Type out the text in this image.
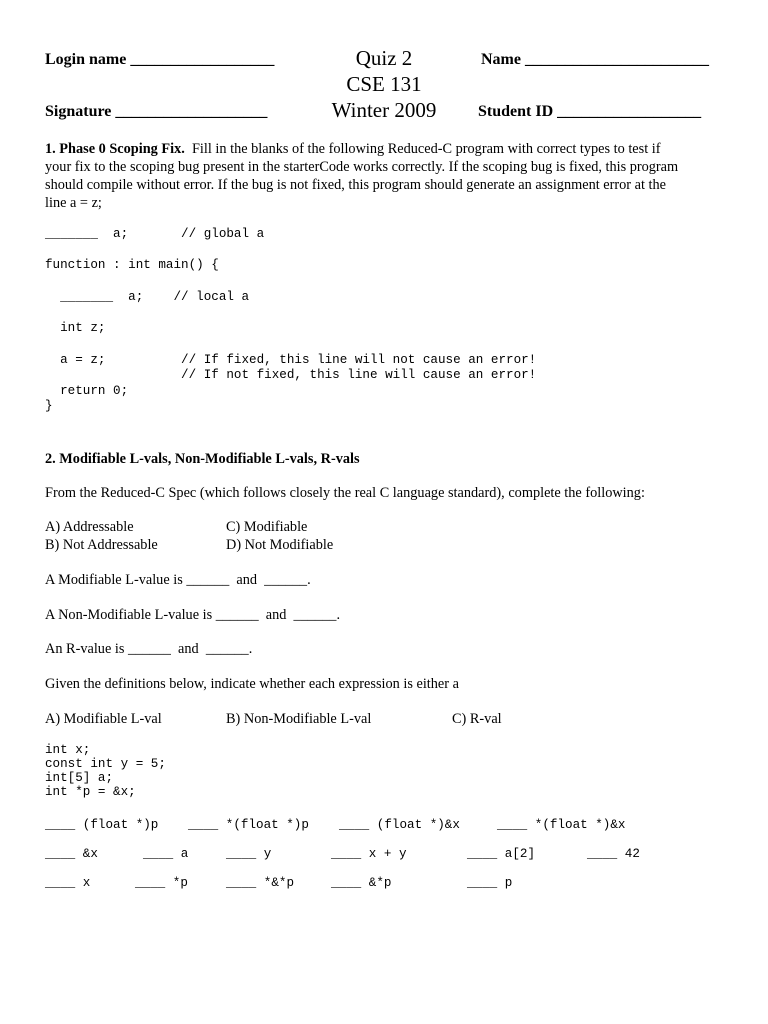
Login name __________________
Signature ___________________
Name _______________________
Student ID __________________
Quiz 2
CSE 131
Winter 2009
1. Phase 0 Scoping Fix.  Fill in the blanks of the following Reduced-C program with correct types to test if
your fix to the scoping bug present in the starterCode works correctly. If the scoping bug is fixed, this program
should compile without error. If the bug is not fixed, this program should generate an assignment error at the
line a = z;
_______  a;       // global a
function : int main() {
_______  a;    // local a
int z;
a = z;          // If fixed, this line will not cause an error!
// If not fixed, this line will cause an error!
return 0;
}
2. Modifiable L-vals, Non-Modifiable L-vals, R-vals
From the Reduced-C Spec (which follows closely the real C language standard), complete the following:
A) Addressable
B) Not Addressable
C) Modifiable
D) Not Modifiable
A Modifiable L-value is ______  and  ______.
A Non-Modifiable L-value is ______  and  ______.
An R-value is ______  and  ______.
Given the definitions below, indicate whether each expression is either a
A) Modifiable L-val	B) Non-Modifiable L-val	C) R-val
int x;
const int y = 5;
int[5] a;
int *p = &x;
____ (float *)p ____ *(float *)p ____ (float *)&x	____ *(float *)&x
____ &x	____ a	____ y	____ x + y	____ a[2]	____ 42
____ x	____ *p	____ *&*p	____ &*p	____ p
